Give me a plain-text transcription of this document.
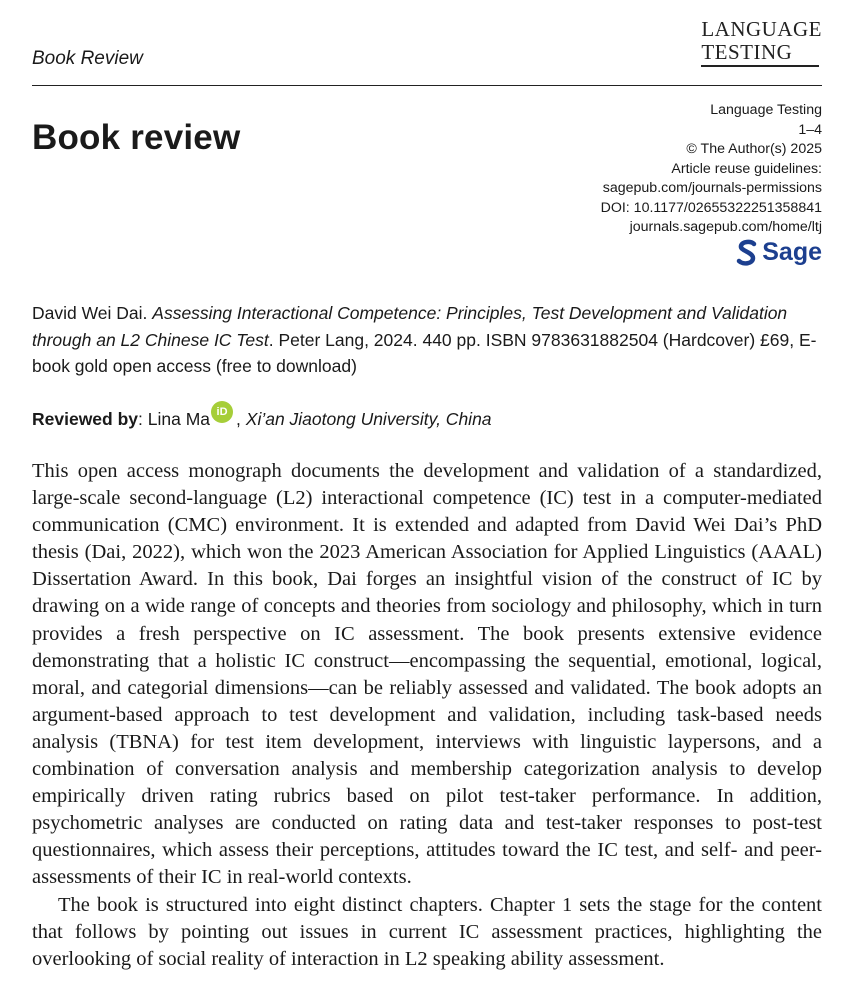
Book Review
LANGUAGE
TESTING
Book review
Language Testing
1–4
© The Author(s) 2025
Article reuse guidelines:
sagepub.com/journals-permissions
DOI: 10.1177/02655322251358841
journals.sagepub.com/home/ltj
Sage
David Wei Dai. Assessing Interactional Competence: Principles, Test Development and Validation through an L2 Chinese IC Test. Peter Lang, 2024. 440 pp. ISBN 9783631882504 (Hardcover) £69, E-book gold open access (free to download)
Reviewed by : Lina Ma iD , Xi’an Jiaotong University, China

This open access monograph documents the development and validation of a standardized, large-scale second-language (L2) interactional competence (IC) test in a computer-mediated communication (CMC) environment. It is extended and adapted from David Wei Dai’s PhD thesis (Dai, 2022), which won the 2023 American Association for Applied Linguistics (AAAL) Dissertation Award. In this book, Dai forges an insightful vision of the construct of IC by drawing on a wide range of concepts and theories from sociology and philosophy, which in turn provides a fresh perspective on IC assessment. The book presents extensive evidence demonstrating that a holistic IC construct—encompassing the sequential, emotional, logical, moral, and categorial dimensions—can be reliably assessed and validated. The book adopts an argument-based approach to test development and validation, including task-based needs analysis (TBNA) for test item development, interviews with linguistic laypersons, and a combination of conversation analysis and membership categorization analysis to develop empirically driven rating rubrics based on pilot test-taker performance. In addition, psychometric analyses are conducted on rating data and test-taker responses to post-test questionnaires, which assess their perceptions, attitudes toward the IC test, and self- and peer-assessments of their IC in real-world contexts.

The book is structured into eight distinct chapters. Chapter 1 sets the stage for the content that follows by pointing out issues in current IC assessment practices, highlighting the overlooking of social reality of interaction in L2 speaking ability assessment.
